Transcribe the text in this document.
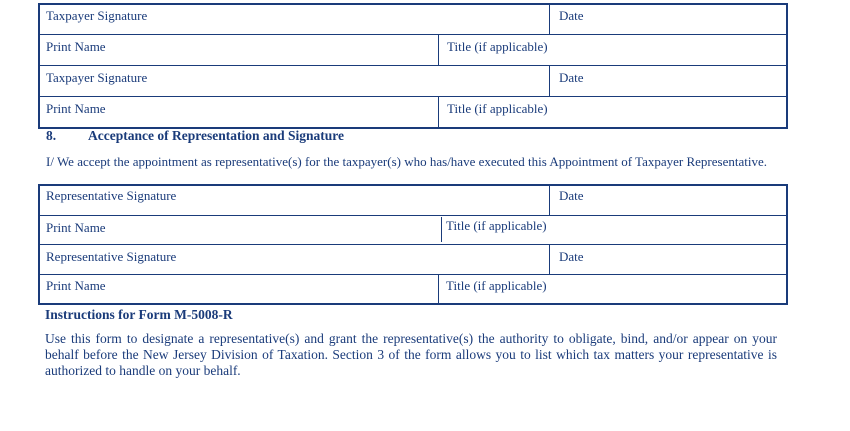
Taxpayer Signature	Date
Print Name	Title (if applicable)
Taxpayer Signature	Date
Print Name	Title (if applicable)
8. Acceptance of Representation and Signature
I/ We accept the appointment as representative(s) for the taxpayer(s) who has/have executed this Appointment of Taxpayer Representative.
Representative Signature	Date
Print Name	Title (if applicable)
Representative Signature	Date
Print Name	Title (if applicable)
Instructions for Form M-5008-R
Use this form to designate a representative(s) and grant the representative(s) the authority to obligate, bind, and/or appear on your behalf before the New Jersey Division of Taxation. Section 3 of the form allows you to list which tax matters your representative is authorized to handle on your behalf.
